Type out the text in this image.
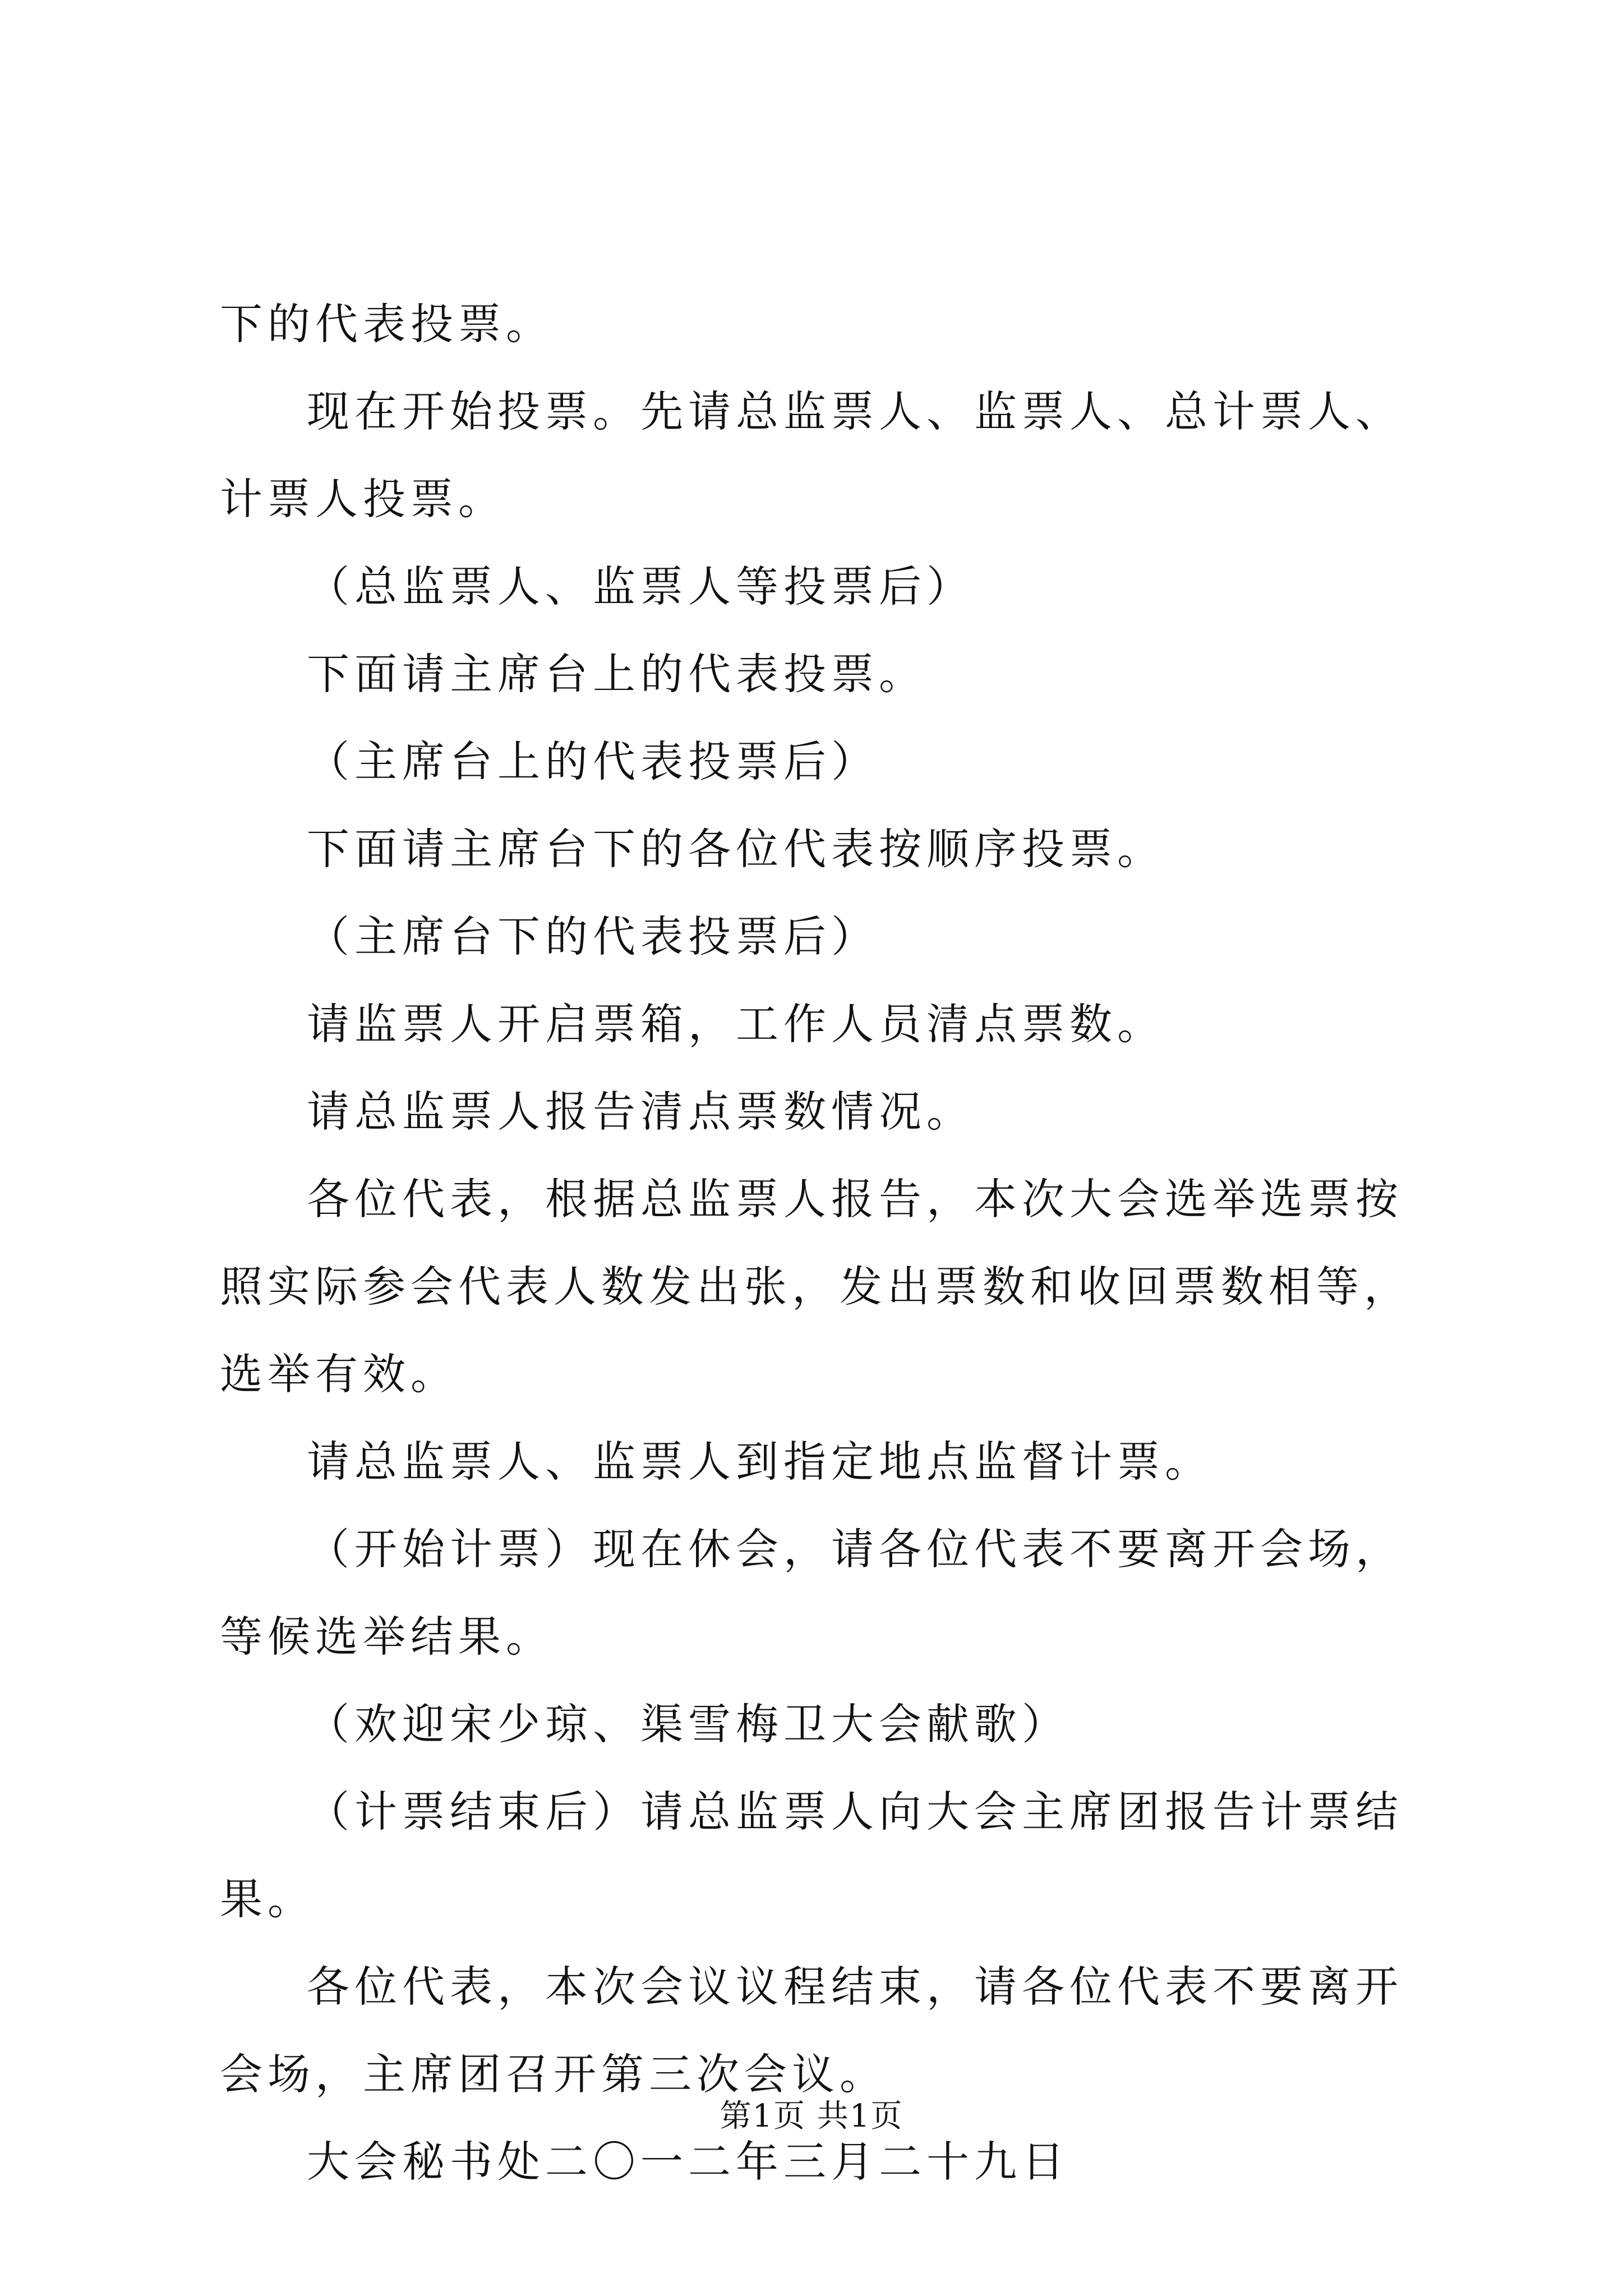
下的代表投票。

现在开始投票。先请总监票人、监票人、总计票人、计票人投票。

（总监票人、监票人等投票后）

下面请主席台上的代表投票。

（主席台上的代表投票后）

下面请主席台下的各位代表按顺序投票。

（主席台下的代表投票后）

请监票人开启票箱，工作人员清点票数。

请总监票人报告清点票数情况。

各位代表，根据总监票人报告，本次大会选举选票按照实际参会代表人数发出张，发出票数和收回票数相等，选举有效。

请总监票人、监票人到指定地点监督计票。

（开始计票）现在休会，请各位代表不要离开会场，等候选举结果。

（欢迎宋少琼、渠雪梅卫大会献歌）

（计票结束后）请总监票人向大会主席团报告计票结果。

各位代表，本次会议议程结束，请各位代表不要离开会场，主席团召开第三次会议。

大会秘书处二〇一二年三月二十九日

第1页 共1页
